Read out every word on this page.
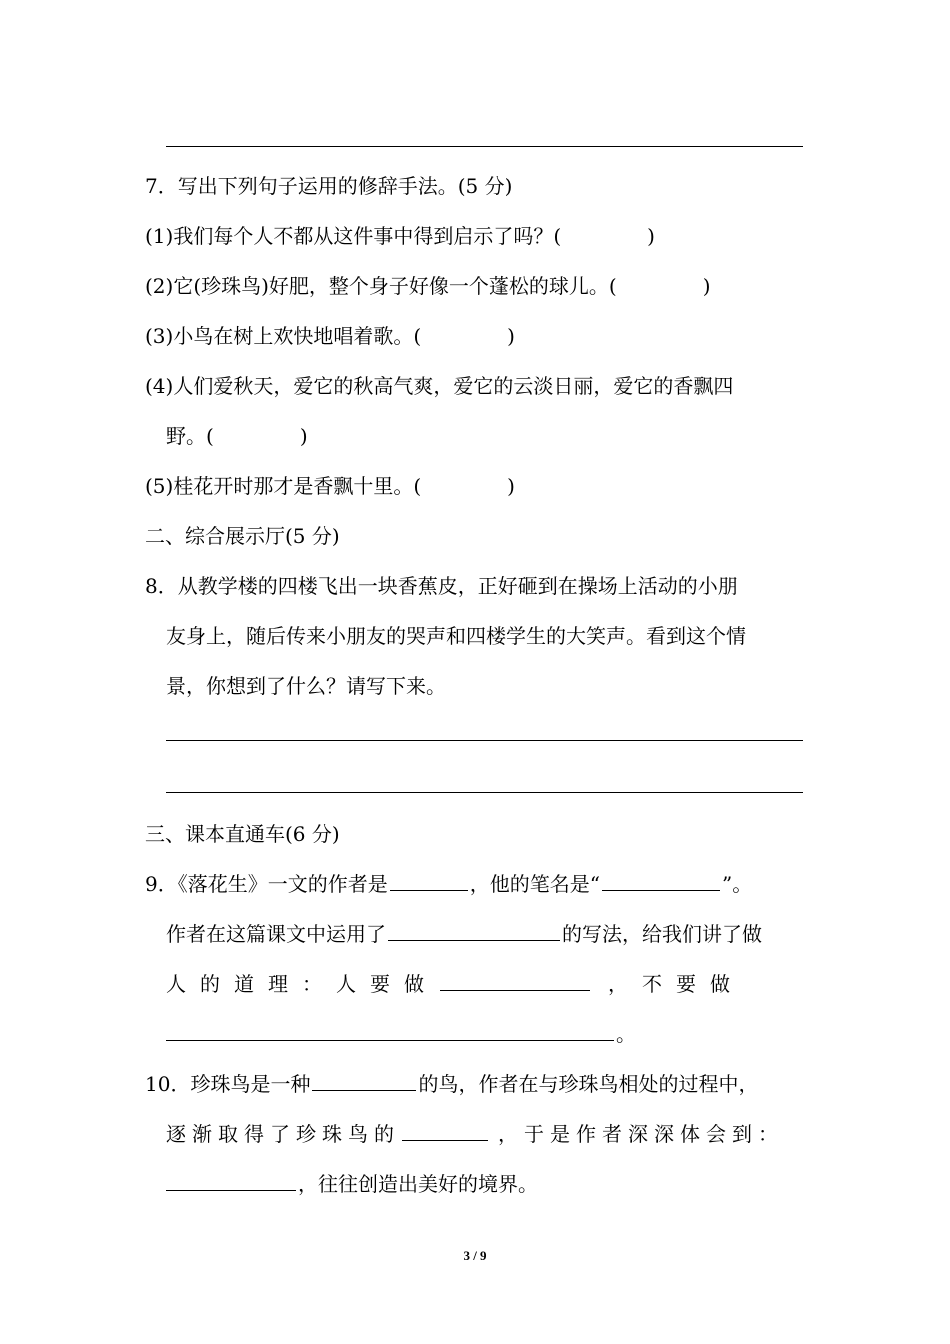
7．写出下列句子运用的修辞手法。(5 分)
(1)我们每个人不都从这件事中得到启示了吗？(	)
(2)它(珍珠鸟)好肥，整个身子好像一个蓬松的球儿。(	)
(3)小鸟在树上欢快地唱着歌。(	)
(4)人们爱秋天，爱它的秋高气爽，爱它的云淡日丽，爱它的香飘四
野。(	)
(5)桂花开时那才是香飘十里。(	)
二、综合展示厅(5 分)
8．从教学楼的四楼飞出一块香蕉皮，正好砸到在操场上活动的小朋
友身上，随后传来小朋友的哭声和四楼学生的大笑声。看到这个情
景，你想到了什么？请写下来。
三、课本直通车(6 分)
9．《落花生》一文的作者是	，他的笔名是“	”。
作者在这篇课文中运用了	的写法，给我们讲了做
人的道理：人要做	，不要做
。
10．珍珠鸟是一种	的鸟，作者在与珍珠鸟相处的过程中，
逐渐取得了珍珠鸟的	，于是作者深深体会到：
，往往创造出美好的境界。
3 / 9
